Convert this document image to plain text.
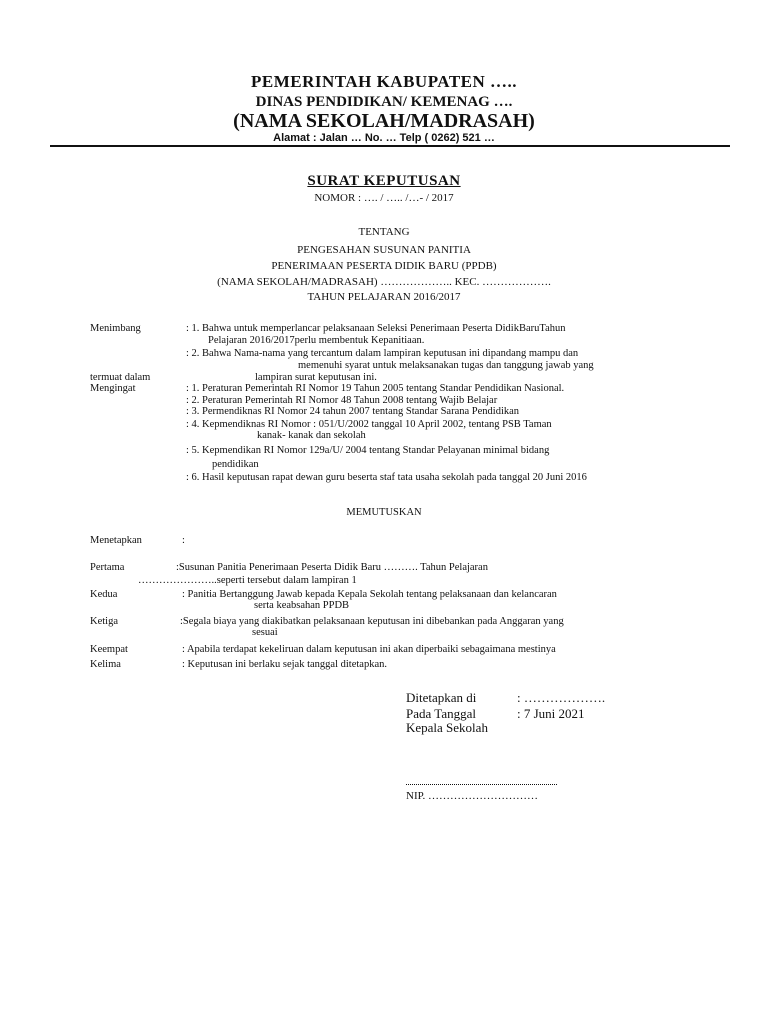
PEMERINTAH KABUPATEN …..
DINAS PENDIDIKAN/ KEMENAG ….
(NAMA SEKOLAH/MADRASAH)
Alamat : Jalan … No. … Telp ( 0262) 521 …
SURAT KEPUTUSAN
NOMOR : …. / ….. /…- / 2017
TENTANG
PENGESAHAN SUSUNAN PANITIA
PENERIMAAN PESERTA DIDIK BARU (PPDB)
(NAMA SEKOLAH/MADRASAH) ……………….. KEC. ……………….
TAHUN PELAJARAN 2016/2017
Menimbang	: 1. Bahwa untuk memperlancar pelaksanaan Seleksi Penerimaan Peserta DidikBaruTahun
Pelajaran 2016/2017perlu membentuk Kepanitiaan.
: 2. Bahwa Nama-nama yang tercantum dalam lampiran keputusan ini dipandang mampu dan
memenuhi syarat untuk melaksanakan tugas dan tanggung jawab yang
termuat dalam	lampiran surat keputusan ini.
Mengingat	: 1. Peraturan Pemerintah RI Nomor 19 Tahun 2005 tentang Standar Pendidikan Nasional.
: 2. Peraturan Pemerintah RI Nomor 48 Tahun 2008 tentang Wajib Belajar
: 3. Permendiknas RI Nomor 24 tahun 2007 tentang Standar Sarana Pendidikan
: 4. Kepmendiknas RI Nomor : 051/U/2002 tanggal 10 April 2002, tentang PSB Taman
kanak- kanak dan sekolah
: 5. Kepmendikan RI Nomor 129a/U/ 2004 tentang Standar Pelayanan minimal bidang
pendidikan
: 6. Hasil keputusan rapat dewan guru beserta staf tata usaha sekolah pada tanggal 20 Juni 2016
MEMUTUSKAN
Menetapkan	:
Pertama	:Susunan Panitia Penerimaan Peserta Didik Baru ………. Tahun Pelajaran
…………………..seperti tersebut dalam lampiran 1
Kedua	: Panitia Bertanggung Jawab kepada Kepala Sekolah tentang pelaksanaan dan kelancaran
serta keabsahan PPDB
Ketiga	:Segala biaya yang diakibatkan pelaksanaan keputusan ini dibebankan pada Anggaran yang
sesuai
Keempat	: Apabila terdapat kekeliruan dalam keputusan ini akan diperbaiki sebagaimana mestinya
Kelima	: Keputusan ini berlaku sejak tanggal ditetapkan.
Ditetapkan di	: ……………….
Pada Tanggal	: 7 Juni 2021
Kepala Sekolah
NIP. …………………………
